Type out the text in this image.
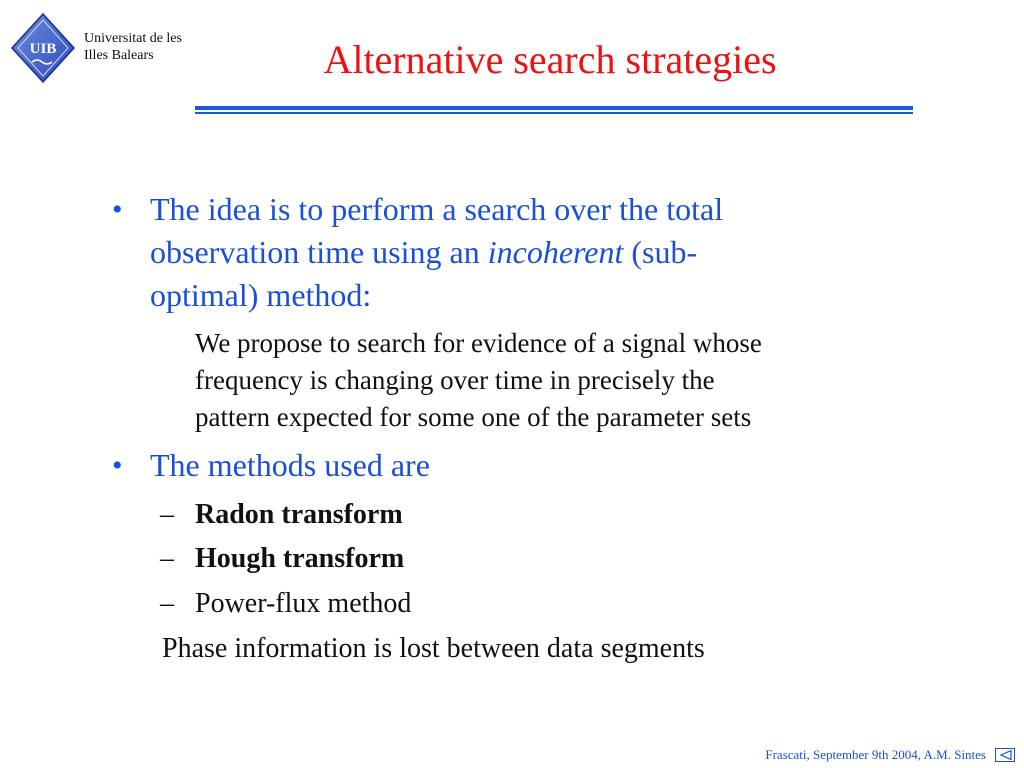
UIB
Universitat de les
Illes Balears	Alternative search strategies
• The idea is to perform a search over the total
observation time using an incoherent (sub-
optimal) method:
We propose to search for evidence of a signal whose
frequency is changing over time in precisely the
pattern expected for some one of the parameter sets
• The methods used are
– Radon transform
– Hough transform
– Power-flux method
Phase information is lost between data segments
Frascati, September 9th 2004, A.M. Sintes
